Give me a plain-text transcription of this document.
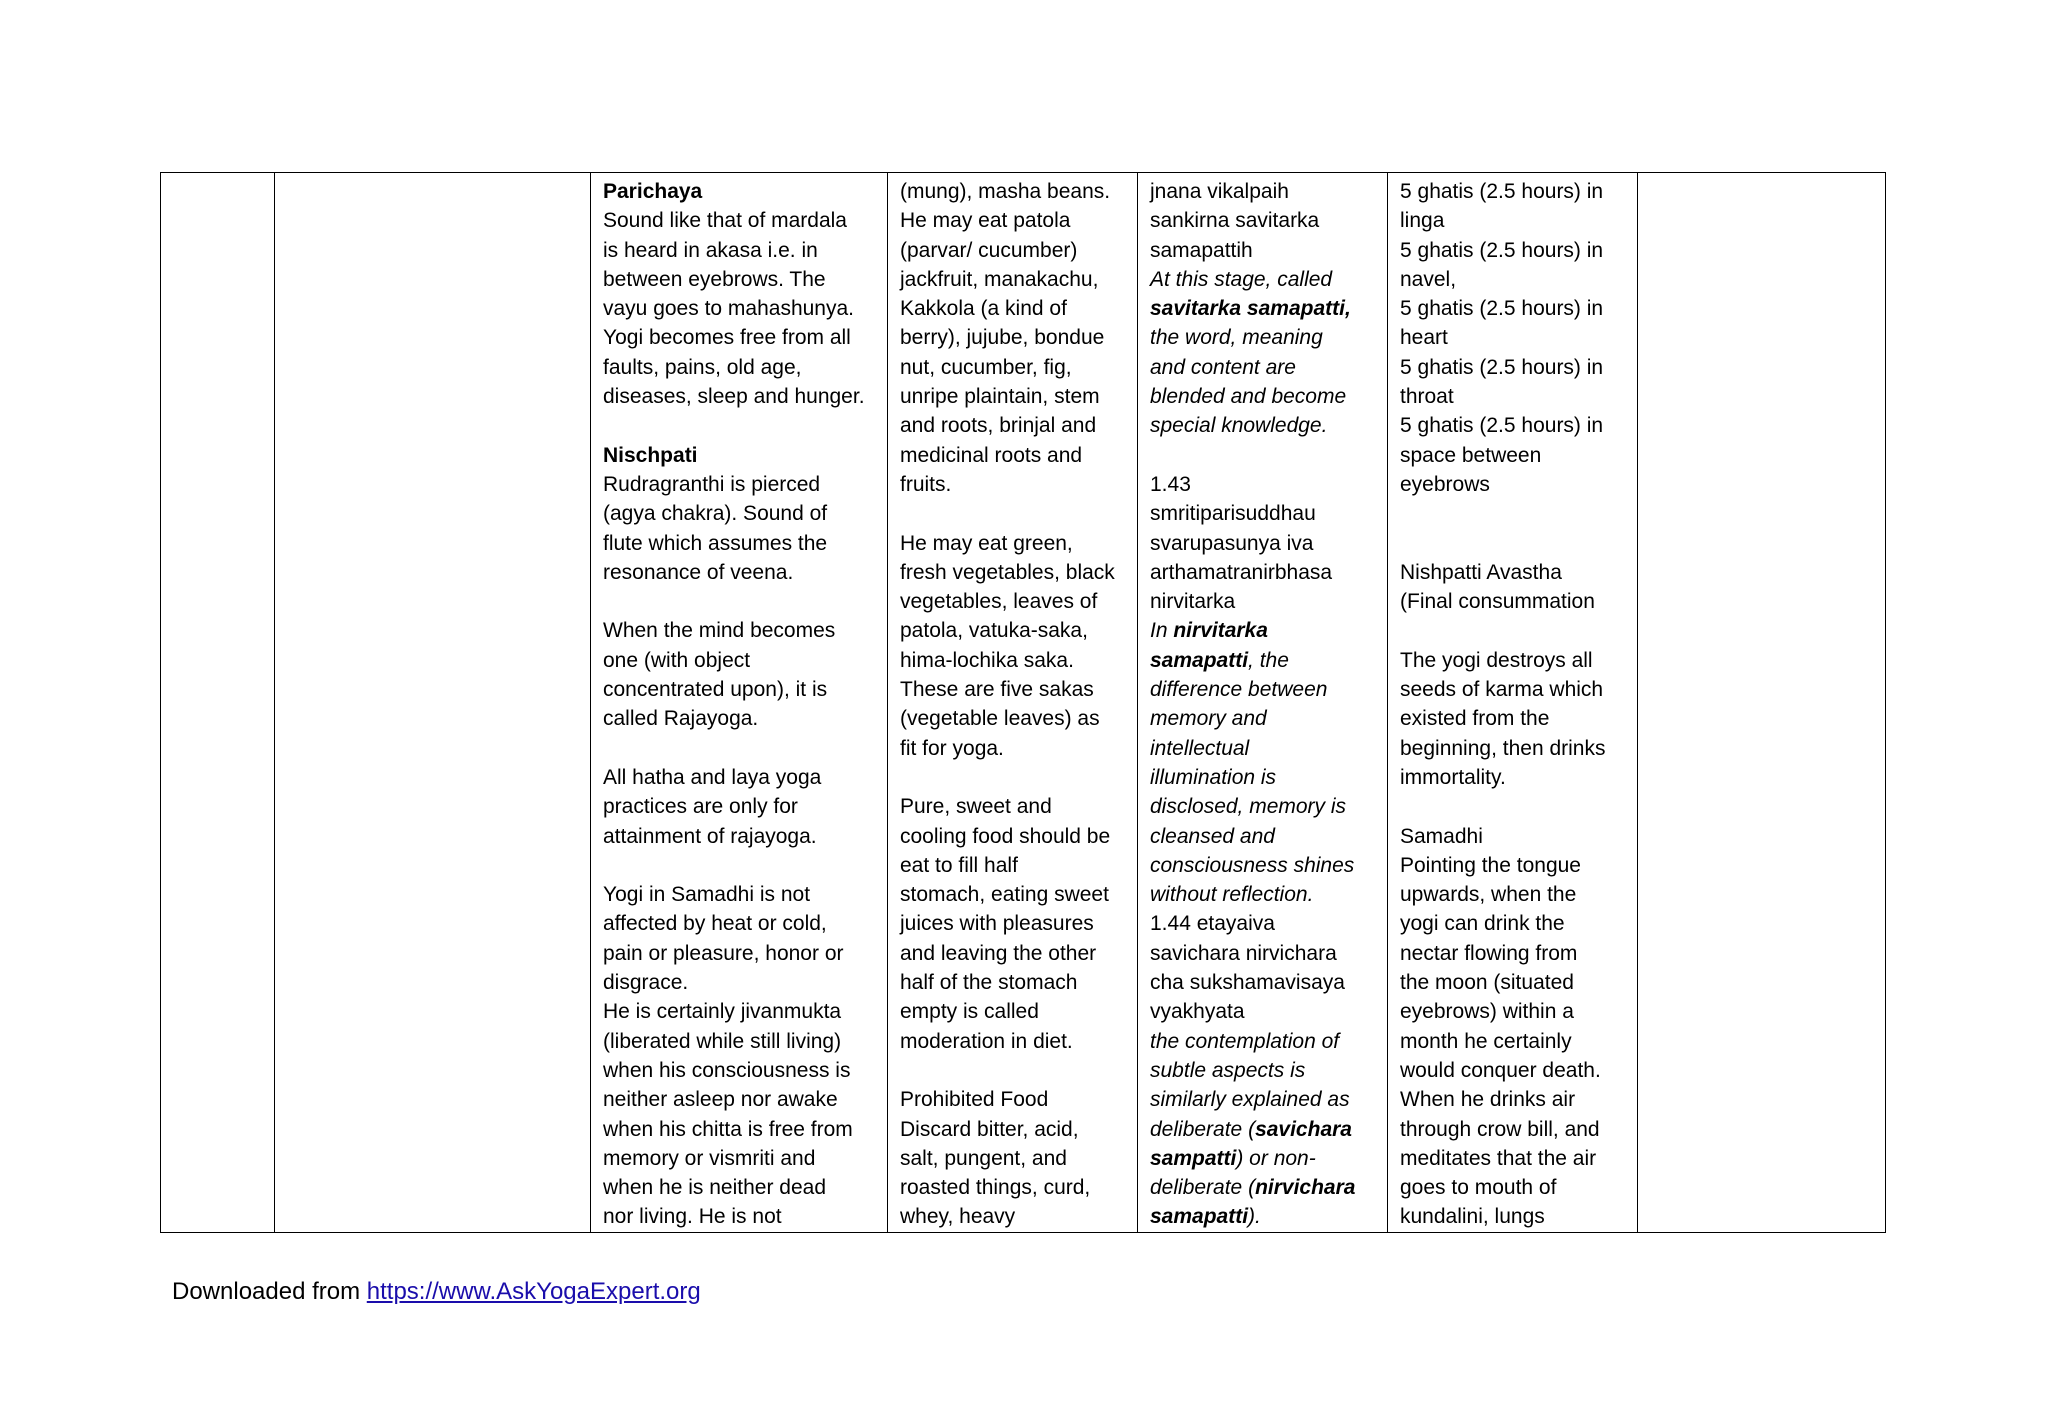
Parichaya
Sound like that of mardala
is heard in akasa i.e. in
between eyebrows. The
vayu goes to mahashunya.
Yogi becomes free from all
faults, pains, old age,
diseases, sleep and hunger.
Nischpati
Rudragranthi is pierced
(agya chakra). Sound of
flute which assumes the
resonance of veena.
When the mind becomes
one (with object
concentrated upon), it is
called Rajayoga.
All hatha and laya yoga
practices are only for
attainment of rajayoga.
Yogi in Samadhi is not
affected by heat or cold,
pain or pleasure, honor or
disgrace.
He is certainly jivanmukta
(liberated while still living)
when his consciousness is
neither asleep nor awake
when his chitta is free from
memory or vismriti and
when he is neither dead
nor living. He is not

(mung), masha beans.
He may eat patola
(parvar/ cucumber)
jackfruit, manakachu,
Kakkola (a kind of
berry), jujube, bondue
nut, cucumber, fig,
unripe plaintain, stem
and roots, brinjal and
medicinal roots and
fruits.
He may eat green,
fresh vegetables, black
vegetables, leaves of
patola, vatuka-saka,
hima-lochika saka.
These are five sakas
(vegetable leaves) as
fit for yoga.
Pure, sweet and
cooling food should be
eat to fill half
stomach, eating sweet
juices with pleasures
and leaving the other
half of the stomach
empty is called
moderation in diet.
Prohibited Food
Discard bitter, acid,
salt, pungent, and
roasted things, curd,
whey, heavy

jnana vikalpaih
sankirna savitarka
samapattih
At this stage, called
savitarka samapatti,
the word, meaning
and content are
blended and become
special knowledge.
1.43
smritiparisuddhau
svarupasunya iva
arthamatranirbhasa
nirvitarka
In nirvitarka
samapatti, the
difference between
memory and
intellectual
illumination is
disclosed, memory is
cleansed and
consciousness shines
without reflection.
1.44 etayaiva
savichara nirvichara
cha sukshamavisaya
vyakhyata
the contemplation of
subtle aspects is
similarly explained as
deliberate (savichara
sampatti) or non-
deliberate (nirvichara
samapatti).

5 ghatis (2.5 hours) in
linga
5 ghatis (2.5 hours) in
navel,
5 ghatis (2.5 hours) in
heart
5 ghatis (2.5 hours) in
throat
5 ghatis (2.5 hours) in
space between
eyebrows
Nishpatti Avastha
(Final consummation
The yogi destroys all
seeds of karma which
existed from the
beginning, then drinks
immortality.
Samadhi
Pointing the tongue
upwards, when the
yogi can drink the
nectar flowing from
the moon (situated
eyebrows) within a
month he certainly
would conquer death.
When he drinks air
through crow bill, and
meditates that the air
goes to mouth of
kundalini, lungs

Downloaded from https://www.AskYogaExpert.org
